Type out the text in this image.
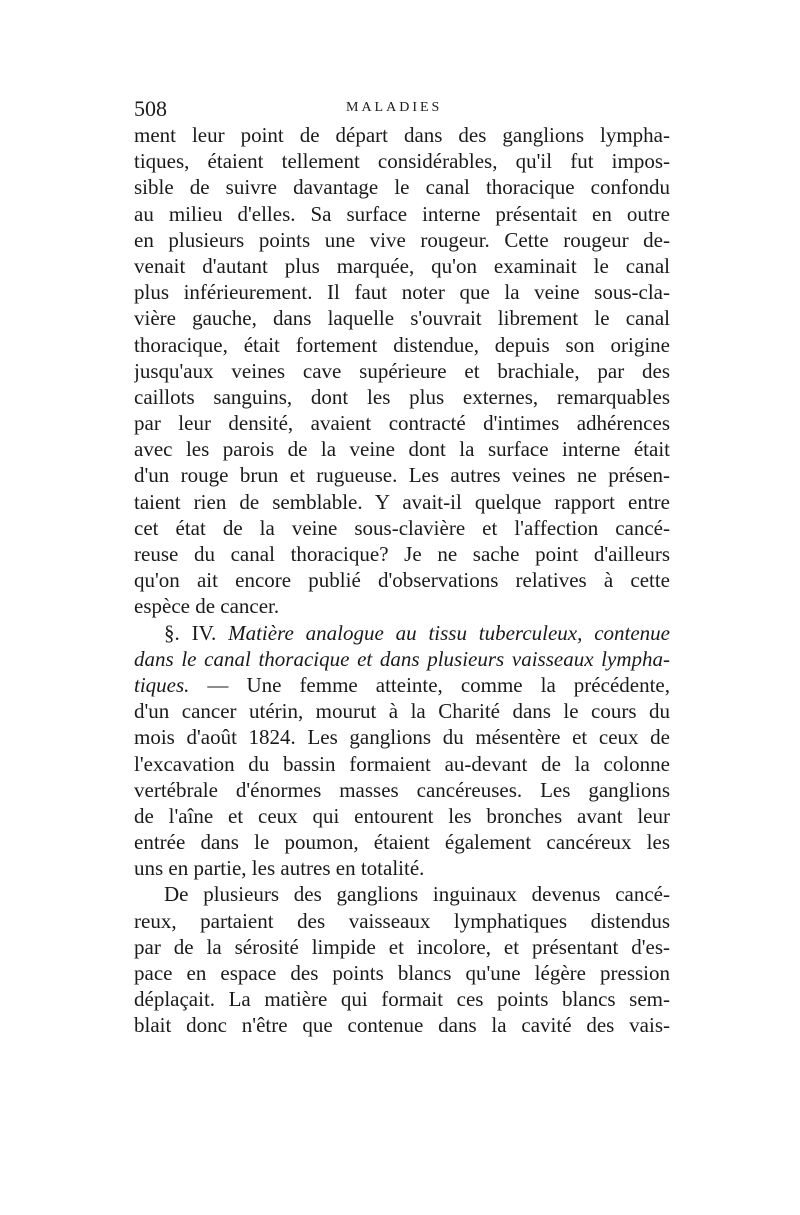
508	MALADIES
ment leur point de départ dans des ganglions lympha-
tiques, étaient tellement considérables, qu'il fut impos-
sible de suivre davantage le canal thoracique confondu
au milieu d'elles. Sa surface interne présentait en outre
en plusieurs points une vive rougeur. Cette rougeur de-
venait d'autant plus marquée, qu'on examinait le canal
plus inférieurement. Il faut noter que la veine sous-cla-
vière gauche, dans laquelle s'ouvrait librement le canal
thoracique, était fortement distendue, depuis son origine
jusqu'aux veines cave supérieure et brachiale, par des
caillots sanguins, dont les plus externes, remarquables
par leur densité, avaient contracté d'intimes adhérences
avec les parois de la veine dont la surface interne était
d'un rouge brun et rugueuse. Les autres veines ne présen-
taient rien de semblable. Y avait-il quelque rapport entre
cet état de la veine sous-clavière et l'affection cancé-
reuse du canal thoracique? Je ne sache point d'ailleurs
qu'on ait encore publié d'observations relatives à cette
espèce de cancer.
§. IV. Matière analogue au tissu tuberculeux, contenue
dans le canal thoracique et dans plusieurs vaisseaux lympha-
tiques. — Une femme atteinte, comme la précédente,
d'un cancer utérin, mourut à la Charité dans le cours du
mois d'août 1824. Les ganglions du mésentère et ceux de
l'excavation du bassin formaient au-devant de la colonne
vertébrale d'énormes masses cancéreuses. Les ganglions
de l'aîne et ceux qui entourent les bronches avant leur
entrée dans le poumon, étaient également cancéreux les
uns en partie, les autres en totalité.
De plusieurs des ganglions inguinaux devenus cancé-
reux, partaient des vaisseaux lymphatiques distendus
par de la sérosité limpide et incolore, et présentant d'es-
pace en espace des points blancs qu'une légère pression
déplaçait. La matière qui formait ces points blancs sem-
blait donc n'être que contenue dans la cavité des vais-
